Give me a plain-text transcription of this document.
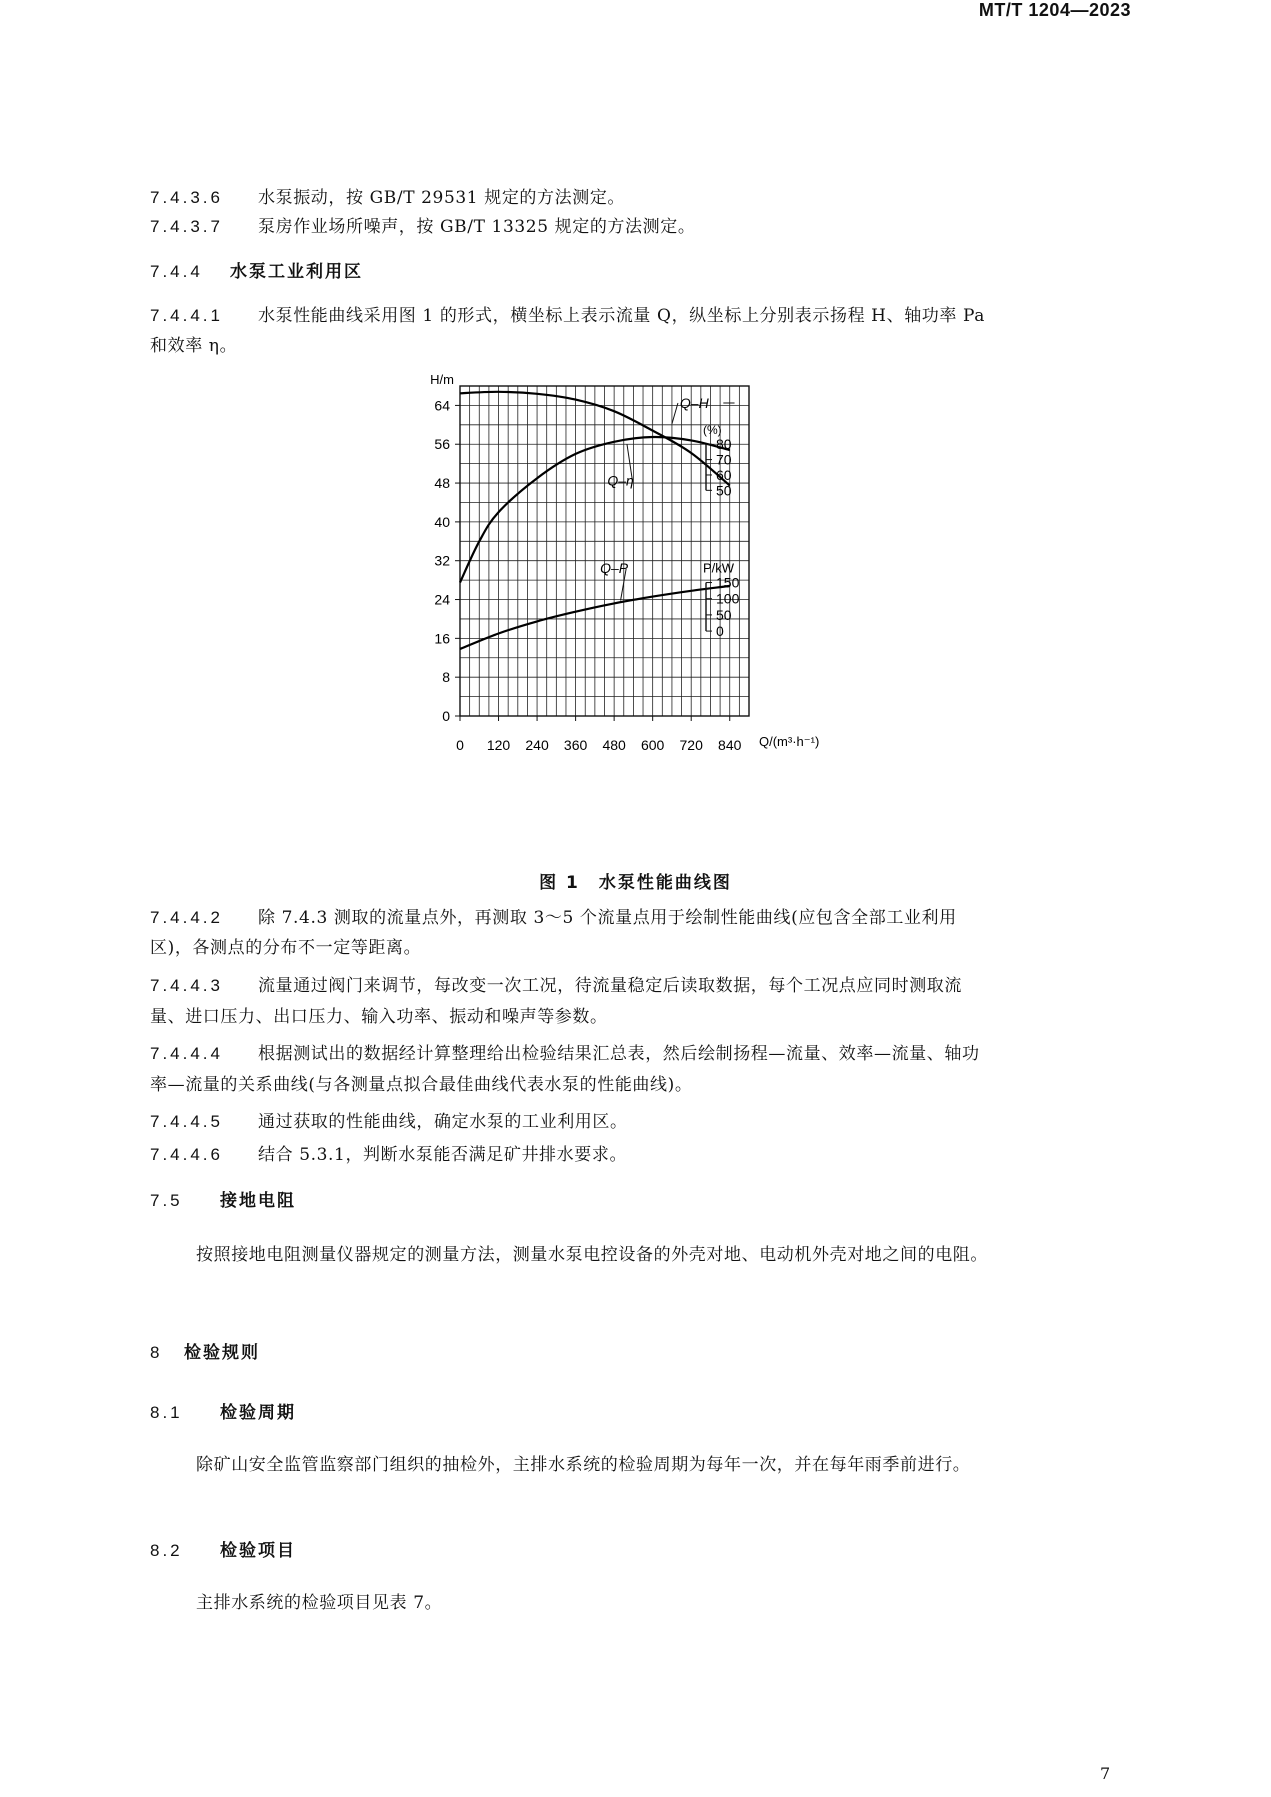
MT/T 1204—2023
7.4.3.6 水泵振动，按 GB/T 29531 规定的方法测定。
7.4.3.7 泵房作业场所噪声，按 GB/T 13325 规定的方法测定。
7.4.4 水泵工业利用区
7.4.4.1 水泵性能曲线采用图 1 的形式，横坐标上表示流量 Q，纵坐标上分别表示扬程 H、轴功率 Pa
和效率 η。
0
8
16
24
32
40
48
56
64
0 120 240 360 480 600 720 840
H/m
Q/(m³·h⁻¹)
Q–H
Q–η
Q–P
(%)
80
70
60
50
P/kW
150
100
50
0
图 1　水泵性能曲线图
7.4.4.2 除 7.4.3 测取的流量点外，再测取 3～5 个流量点用于绘制性能曲线(应包含全部工业利用
区)，各测点的分布不一定等距离。
7.4.4.3 流量通过阀门来调节，每改变一次工况，待流量稳定后读取数据，每个工况点应同时测取流
量、进口压力、出口压力、输入功率、振动和噪声等参数。
7.4.4.4 根据测试出的数据经计算整理给出检验结果汇总表，然后绘制扬程—流量、效率—流量、轴功
率—流量的关系曲线(与各测量点拟合最佳曲线代表水泵的性能曲线)。
7.4.4.5 通过获取的性能曲线，确定水泵的工业利用区。
7.4.4.6 结合 5.3.1，判断水泵能否满足矿井排水要求。
7.5 接地电阻
按照接地电阻测量仪器规定的测量方法，测量水泵电控设备的外壳对地、电动机外壳对地之间的电阻。
8 检验规则
8.1 检验周期
除矿山安全监管监察部门组织的抽检外，主排水系统的检验周期为每年一次，并在每年雨季前进行。
8.2 检验项目
主排水系统的检验项目见表 7。
7
